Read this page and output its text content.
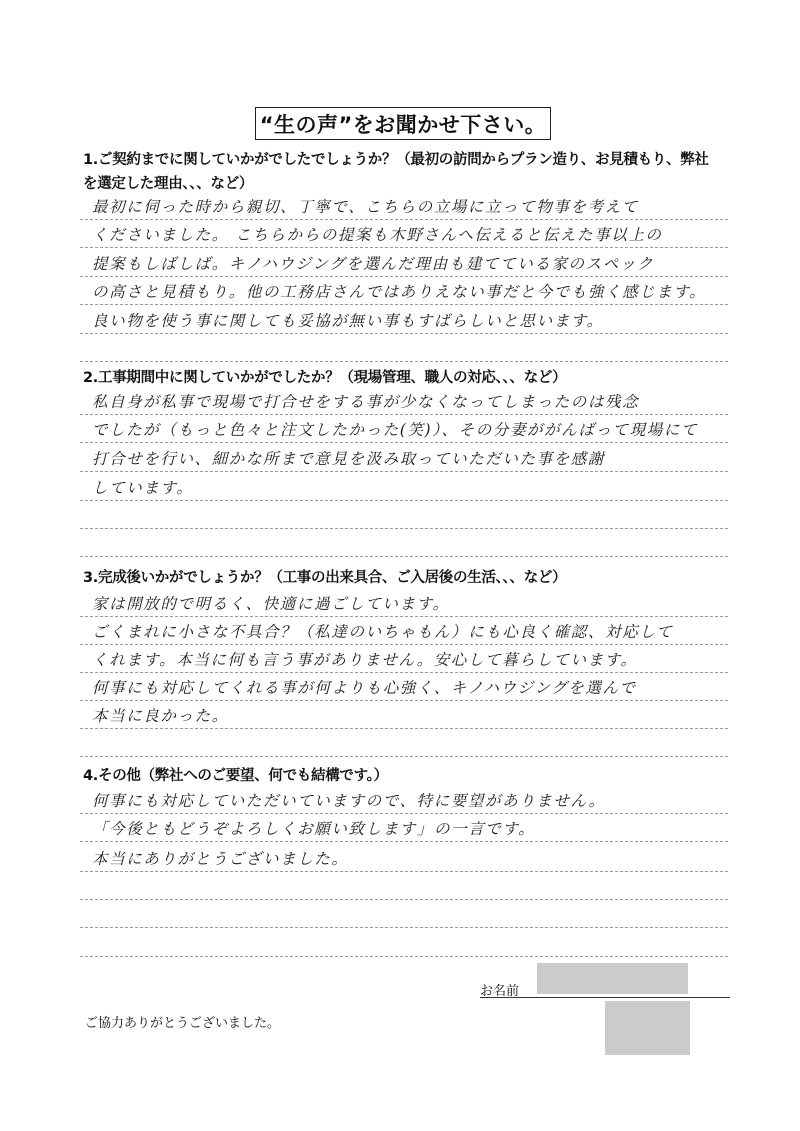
“生の声”をお聞かせ下さい。
1.ご契約までに関していかがでしたでしょうか？（最初の訪問からプラン造り、お見積もり、弊社
を選定した理由、、、など）
最初に伺った時から親切、丁寧で、こちらの立場に立って物事を考えて
くださいました。 こちらからの提案も木野さんへ伝えると伝えた事以上の
提案もしばしば。キノハウジングを選んだ理由も建てている家のスペック
の高さと見積もり。他の工務店さんではありえない事だと今でも強く感じます。
良い物を使う事に関しても妥協が無い事もすばらしいと思います。
2.工事期間中に関していかがでしたか？（現場管理、職人の対応、、、など）
私自身が私事で現場で打合せをする事が少なくなってしまったのは残念
でしたが（もっと色々と注文したかった(笑)）、その分妻ががんばって現場にて
打合せを行い、細かな所まで意見を汲み取っていただいた事を感謝
しています。
3.完成後いかがでしょうか？（工事の出来具合、ご入居後の生活、、、など）
家は開放的で明るく、快適に過ごしています。
ごくまれに小さな不具合？（私達のいちゃもん）にも心良く確認、対応して
くれます。本当に何も言う事がありません。安心して暮らしています。
何事にも対応してくれる事が何よりも心強く、キノハウジングを選んで
本当に良かった。
4.その他（弊社へのご要望、何でも結構です。）
何事にも対応していただいていますので、特に要望がありません。
「今後ともどうぞよろしくお願い致します」の一言です。
本当にありがとうございました。
お名前
ご協力ありがとうございました。
